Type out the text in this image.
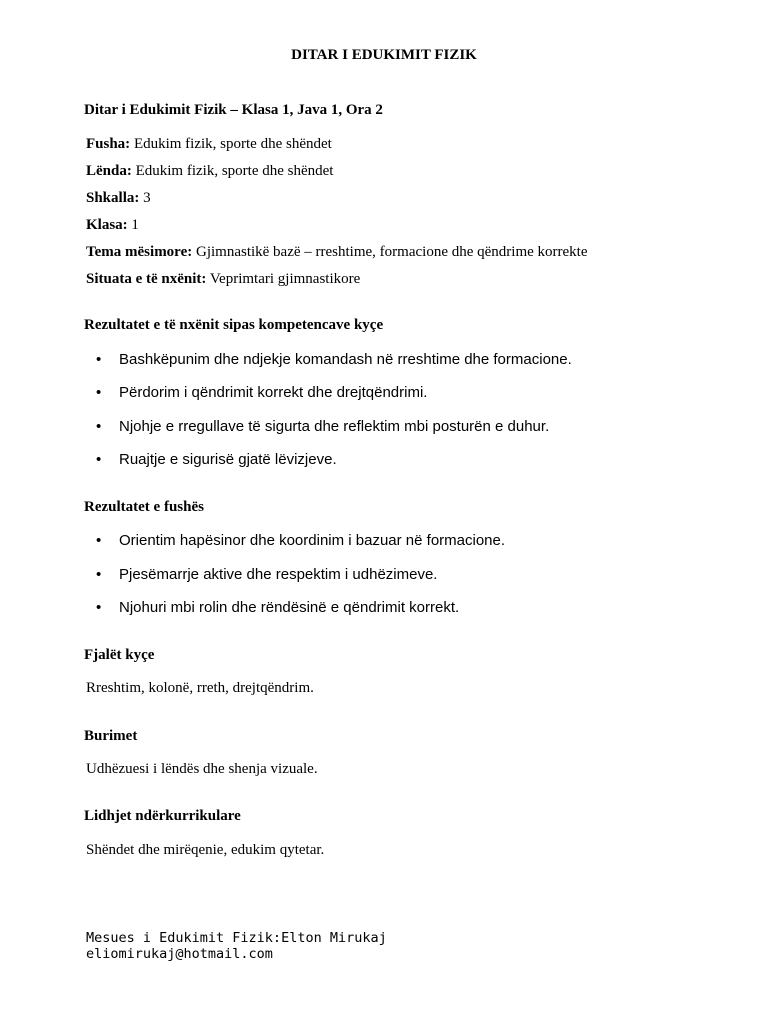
DITAR I EDUKIMIT FIZIK
Ditar i Edukimit Fizik – Klasa 1, Java 1, Ora 2
Fusha: Edukim fizik, sporte dhe shëndet
Lënda: Edukim fizik, sporte dhe shëndet
Shkalla: 3
Klasa: 1
Tema mësimore: Gjimnastikë bazë – rreshtime, formacione dhe qëndrime korrekte
Situata e të nxënit: Veprimtari gjimnastikore
Rezultatet e të nxënit sipas kompetencave kyçe
• Bashkëpunim dhe ndjekje komandash në rreshtime dhe formacione.
• Përdorim i qëndrimit korrekt dhe drejtqëndrimi.
• Njohje e rregullave të sigurta dhe reflektim mbi posturën e duhur.
• Ruajtje e sigurisë gjatë lëvizjeve.
Rezultatet e fushës
• Orientim hapësinor dhe koordinim i bazuar në formacione.
• Pjesëmarrje aktive dhe respektim i udhëzimeve.
• Njohuri mbi rolin dhe rëndësinë e qëndrimit korrekt.
Fjalët kyçe
Rreshtim, kolonë, rreth, drejtqëndrim.
Burimet
Udhëzuesi i lëndës dhe shenja vizuale.
Lidhjet ndërkurrikulare
Shëndet dhe mirëqenie, edukim qytetar.
Mesues i Edukimit Fizik:Elton Mirukaj
eliomirukaj@hotmail.com
